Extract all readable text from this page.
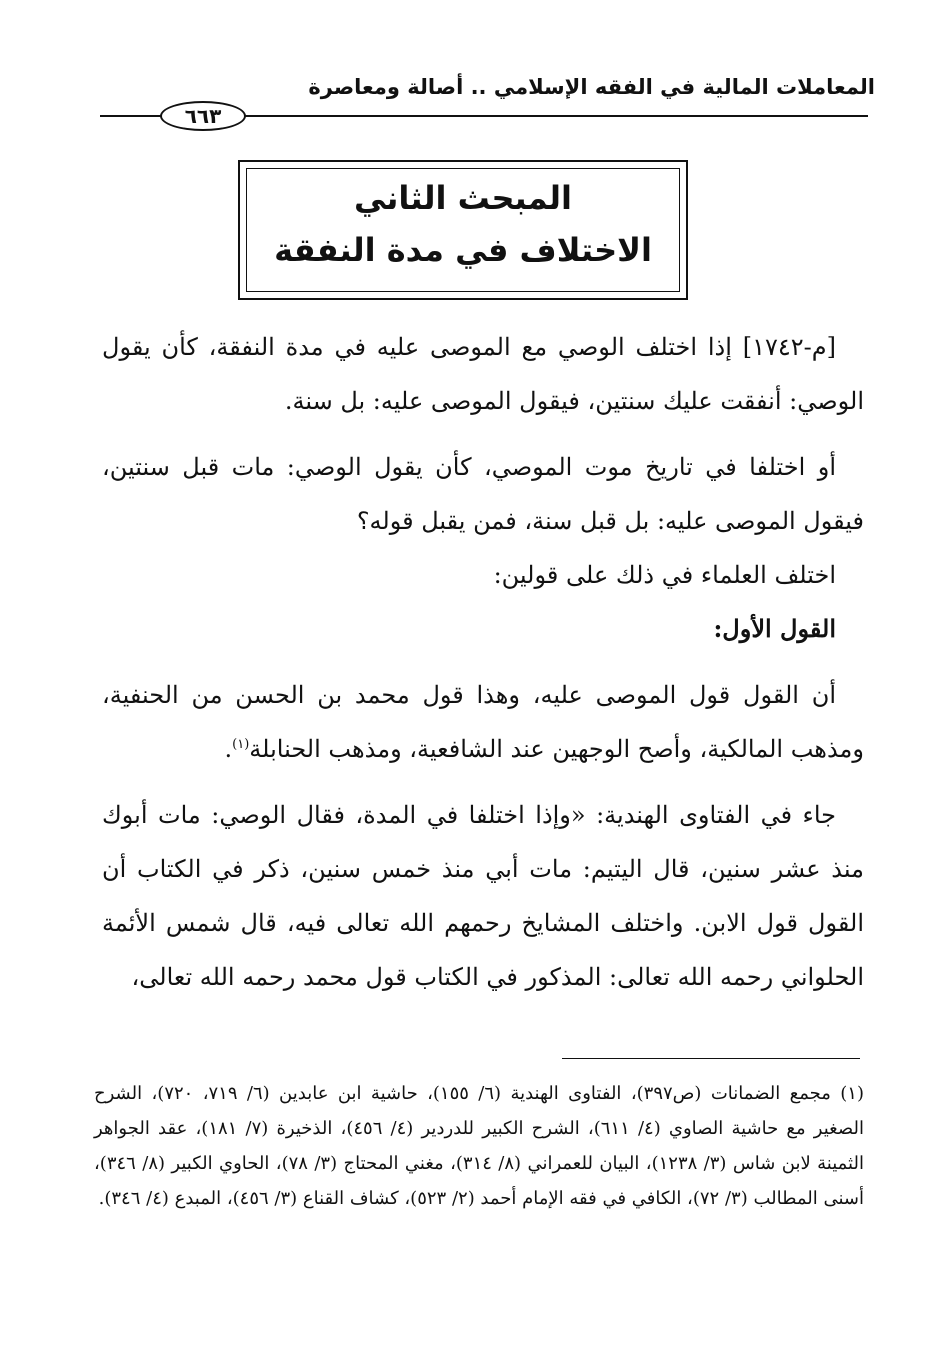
المعاملات المالية في الفقه الإسلامي .. أصالة ومعاصرة
٦٦٣
المبحث الثاني
الاختلاف في مدة النفقة

[م-١٧٤٢] إذا اختلف الوصي مع الموصى عليه في مدة النفقة، كأن يقول الوصي: أنفقت عليك سنتين، فيقول الموصى عليه: بل سنة.

أو اختلفا في تاريخ موت الموصي، كأن يقول الوصي: مات قبل سنتين، فيقول الموصى عليه: بل قبل سنة، فمن يقبل قوله؟

اختلف العلماء في ذلك على قولين:

القول الأول:

أن القول قول الموصى عليه، وهذا قول محمد بن الحسن من الحنفية، ومذهب المالكية، وأصح الوجهين عند الشافعية، ومذهب الحنابلة$^{(١)}$.

جاء في الفتاوى الهندية: «وإذا اختلفا في المدة، فقال الوصي: مات أبوك منذ عشر سنين، قال اليتيم: مات أبي منذ خمس سنين، ذكر في الكتاب أن القول قول الابن. واختلف المشايخ رحمهم الله تعالى فيه، قال شمس الأئمة الحلواني رحمه الله تعالى: المذكور في الكتاب قول محمد رحمه الله تعالى،

(١) مجمع الضمانات (ص٣٩٧)، الفتاوى الهندية (٦/ ١٥٥)، حاشية ابن عابدين (٦/ ٧١٩، ٧٢٠)، الشرح الصغير مع حاشية الصاوي (٤/ ٦١١)، الشرح الكبير للدردير (٤/ ٤٥٦)، الذخيرة (٧/ ١٨١)، عقد الجواهر الثمينة لابن شاس (٣/ ١٢٣٨)، البيان للعمراني (٨/ ٣١٤)، مغني المحتاج (٣/ ٧٨)، الحاوي الكبير (٨/ ٣٤٦)، أسنى المطالب (٣/ ٧٢)، الكافي في فقه الإمام أحمد (٢/ ٥٢٣)، كشاف القناع (٣/ ٤٥٦)، المبدع (٤/ ٣٤٦).
